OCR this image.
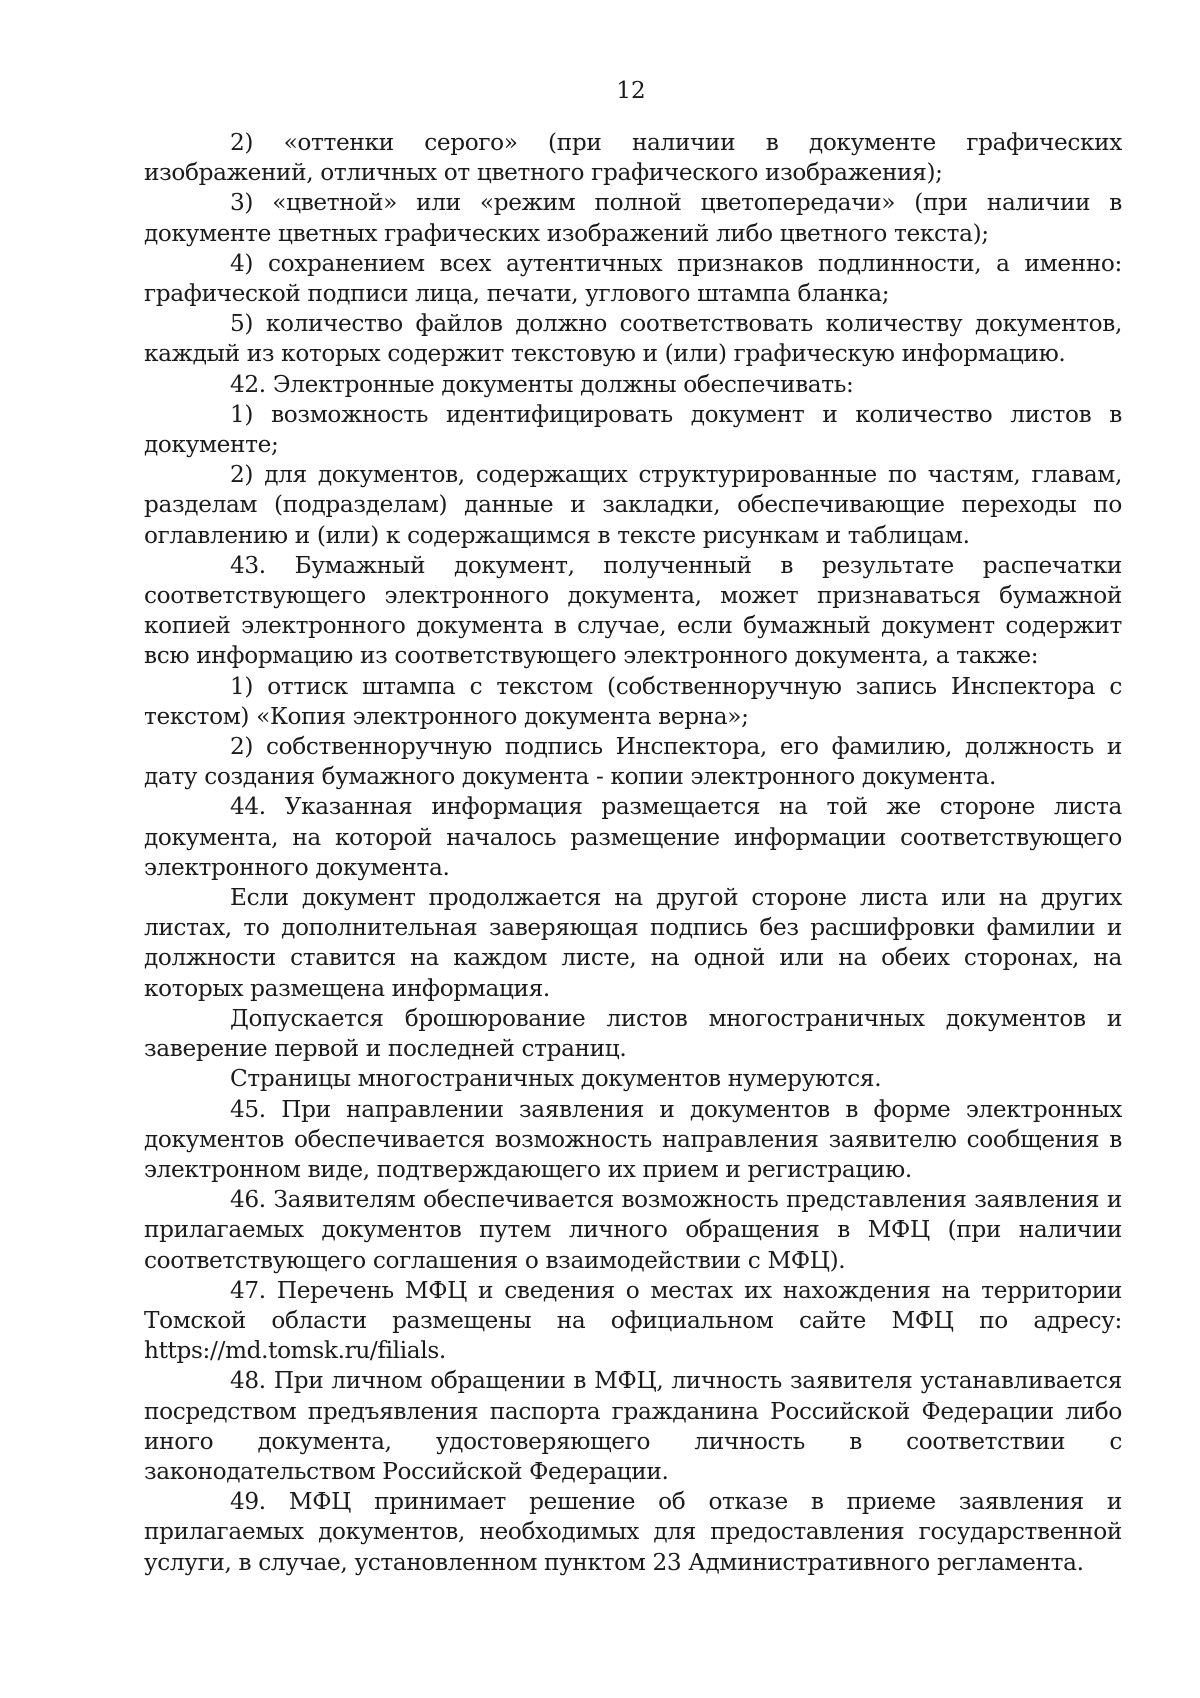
12

2) «оттенки серого» (при наличии в документе графических изображений, отличных от цветного графического изображения);

3) «цветной» или «режим полной цветопередачи» (при наличии в документе цветных графических изображений либо цветного текста);

4) сохранением всех аутентичных признаков подлинности, а именно: графической подписи лица, печати, углового штампа бланка;

5) количество файлов должно соответствовать количеству документов, каждый из которых содержит текстовую и (или) графическую информацию.

42. Электронные документы должны обеспечивать:

1) возможность идентифицировать документ и количество листов в документе;

2) для документов, содержащих структурированные по частям, главам, разделам (подразделам) данные и закладки, обеспечивающие переходы по оглавлению и (или) к содержащимся в тексте рисункам и таблицам.

43. Бумажный документ, полученный в результате распечатки соответствующего электронного документа, может признаваться бумажной копией электронного документа в случае, если бумажный документ содержит всю информацию из соответствующего электронного документа, а также:

1) оттиск штампа с текстом (собственноручную запись Инспектора с текстом) «Копия электронного документа верна»;

2) собственноручную подпись Инспектора, его фамилию, должность и дату создания бумажного документа - копии электронного документа.

44. Указанная информация размещается на той же стороне листа документа, на которой началось размещение информации соответствующего электронного документа.

Если документ продолжается на другой стороне листа или на других листах, то дополнительная заверяющая подпись без расшифровки фамилии и должности ставится на каждом листе, на одной или на обеих сторонах, на которых размещена информация.

Допускается брошюрование листов многостраничных документов и заверение первой и последней страниц.

Страницы многостраничных документов нумеруются.

45. При направлении заявления и документов в форме электронных документов обеспечивается возможность направления заявителю сообщения в электронном виде, подтверждающего их прием и регистрацию.

46. Заявителям обеспечивается возможность представления заявления и прилагаемых документов путем личного обращения в МФЦ (при наличии соответствующего соглашения о взаимодействии с МФЦ).

47. Перечень МФЦ и сведения о местах их нахождения на территории Томской области размещены на официальном сайте МФЦ по адресу: https://md.tomsk.ru/filials.

48. При личном обращении в МФЦ, личность заявителя устанавливается посредством предъявления паспорта гражданина Российской Федерации либо иного документа, удостоверяющего личность в соответствии с законодательством Российской Федерации.

49. МФЦ принимает решение об отказе в приеме заявления и прилагаемых документов, необходимых для предоставления государственной услуги, в случае, установленном пунктом 23 Административного регламента.
